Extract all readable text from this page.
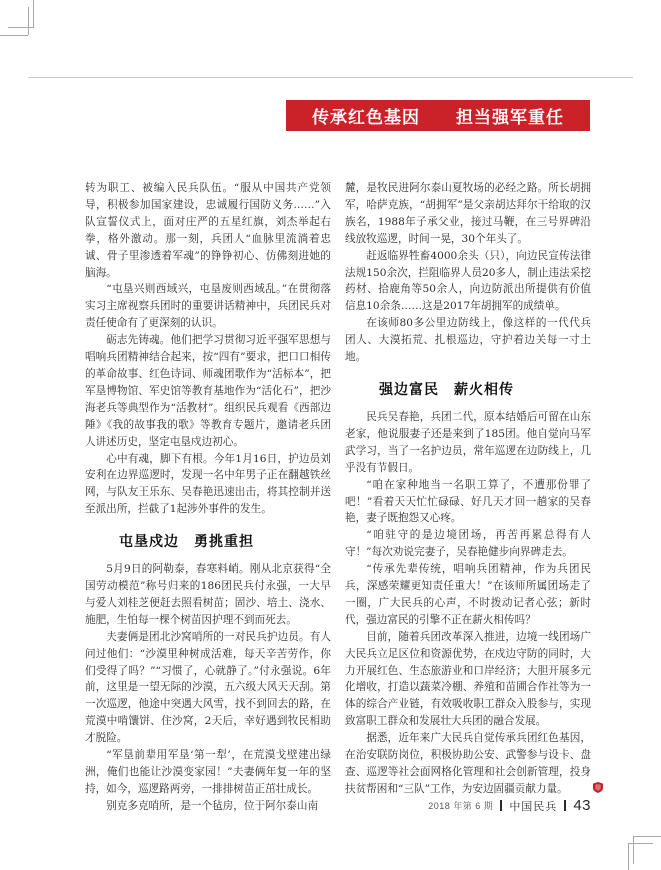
传承红色基因　　担当强军重任

转为职工、被编入民兵队伍。“服从中国共产党领导，积极参加国家建设，忠诚履行国防义务……”入队宣誓仪式上，面对庄严的五星红旗，刘杰举起右拳，格外激动。那一刻，兵团人“血脉里流淌着忠诚、骨子里渗透着军魂”的铮铮初心、仿佛刻进她的脑海。

“屯垦兴则西域兴，屯垦废则西域乱。”在贯彻落实习主席视察兵团时的重要讲话精神中，兵团民兵对责任使命有了更深刻的认识。

砺志先铸魂。他们把学习贯彻习近平强军思想与唱响兵团精神结合起来，按“四有”要求，把口口相传的革命故事、红色诗词、师魂团歌作为“活标本”，把军垦博物馆、军史馆等教育基地作为“活化石”，把沙海老兵等典型作为“活教材”。组织民兵观看《西部边陲》《我的故事我的歌》等教育专题片，邀请老兵团人讲述历史，坚定屯垦戍边初心。

心中有魂，脚下有根。今年1月16日，护边员刘安利在边界巡逻时，发现一名中年男子正在翻越铁丝网，与队友王乐东、吴春艳迅速出击，将其控制并送至派出所，拦截了1起涉外事件的发生。

屯垦戍边　勇挑重担

5月9日的阿勒泰，春寒料峭。刚从北京获得“全国劳动模范”称号归来的186团民兵付永强，一大早与爱人刘桂芝便赶去照看树苗；固沙、培土、浇水、施肥，生怕每一棵个树苗因护理不到而死去。

夫妻俩是团北沙窝哨所的一对民兵护边员。有人问过他们：“沙漠里种树成活难，每天辛苦劳作，你们受得了吗？”“习惯了，心就静了。”付永强说。6年前，这里是一望无际的沙漠，五六级大风天天刮。第一次巡逻，他途中突遇大风雪，找不到回去的路，在荒漠中啃馕饼、住沙窝，2天后，幸好遇到牧民相助才脱险。

“军垦前辈用军垦‘第一犁’，在荒漠戈壁建出绿洲，俺们也能让沙漠变家园！”夫妻俩年复一年的坚持，如今，巡逻路两旁，一排排树苗正茁壮成长。

别克多克哨所，是一个毡房，位于阿尔泰山南

麓，是牧民进阿尔泰山夏牧场的必经之路。所长胡拥军，哈萨克族，“胡拥军”是父亲胡达拜尔干给取的汉族名，1988年子承父业，接过马鞭，在三号界碑沿线放牧巡逻，时间一晃，30个年头了。

赶返临界牲畜4000余头（只），向边民宣传法律法规150余次，拦阻临界人员20多人，制止违法采挖药材、拾鹿角等50余人，向边防派出所提供有价值信息10余条……这是2017年胡拥军的成绩单。

在该师80多公里边防线上，像这样的一代代兵团人、大漠拓荒、扎根巡边，守护着边关每一寸土地。

强边富民　薪火相传

民兵吴春艳，兵团二代，原本结婚后可留在山东老家，他说服妻子还是来到了185团。他自觉向马军武学习，当了一名护边员，常年巡逻在边防线上，几乎没有节假日。

“咱在家种地当一名职工算了，不遭那份罪了吧！”看着天天忙忙碌碌、好几天才回一趟家的吴春艳，妻子既抱怨又心疼。

“咱驻守的是边境团场，再苦再累总得有人守！”每次劝说完妻子，吴春艳健步向界碑走去。

“传承先辈传统，唱响兵团精神，作为兵团民兵，深感荣耀更知责任重大！”在该师所属团场走了一圈，广大民兵的心声，不时拨动记者心弦；新时代，强边富民的引擎不正在薪火相传吗？

目前，随着兵团改革深入推进，边境一线团场广大民兵立足区位和资源优势，在戍边守防的同时，大力开展红色、生态旅游业和口岸经济；大胆开展多元化增收，打造以蔬菜冷棚、养殖和苗圃合作社等为一体的综合产业链，有效吸收职工群众入股参与，实现致富职工群众和发展壮大兵团的融合发展。

据悉，近年来广大民兵自觉传承兵团红色基因，在治安联防岗位，积极协助公安、武警参与设卡、盘查、巡逻等社会面网格化管理和社会创新管理，投身扶贫帮困和“三队”工作，为安边固疆贡献力量。

2018 年第 6 期 中国民兵 43
